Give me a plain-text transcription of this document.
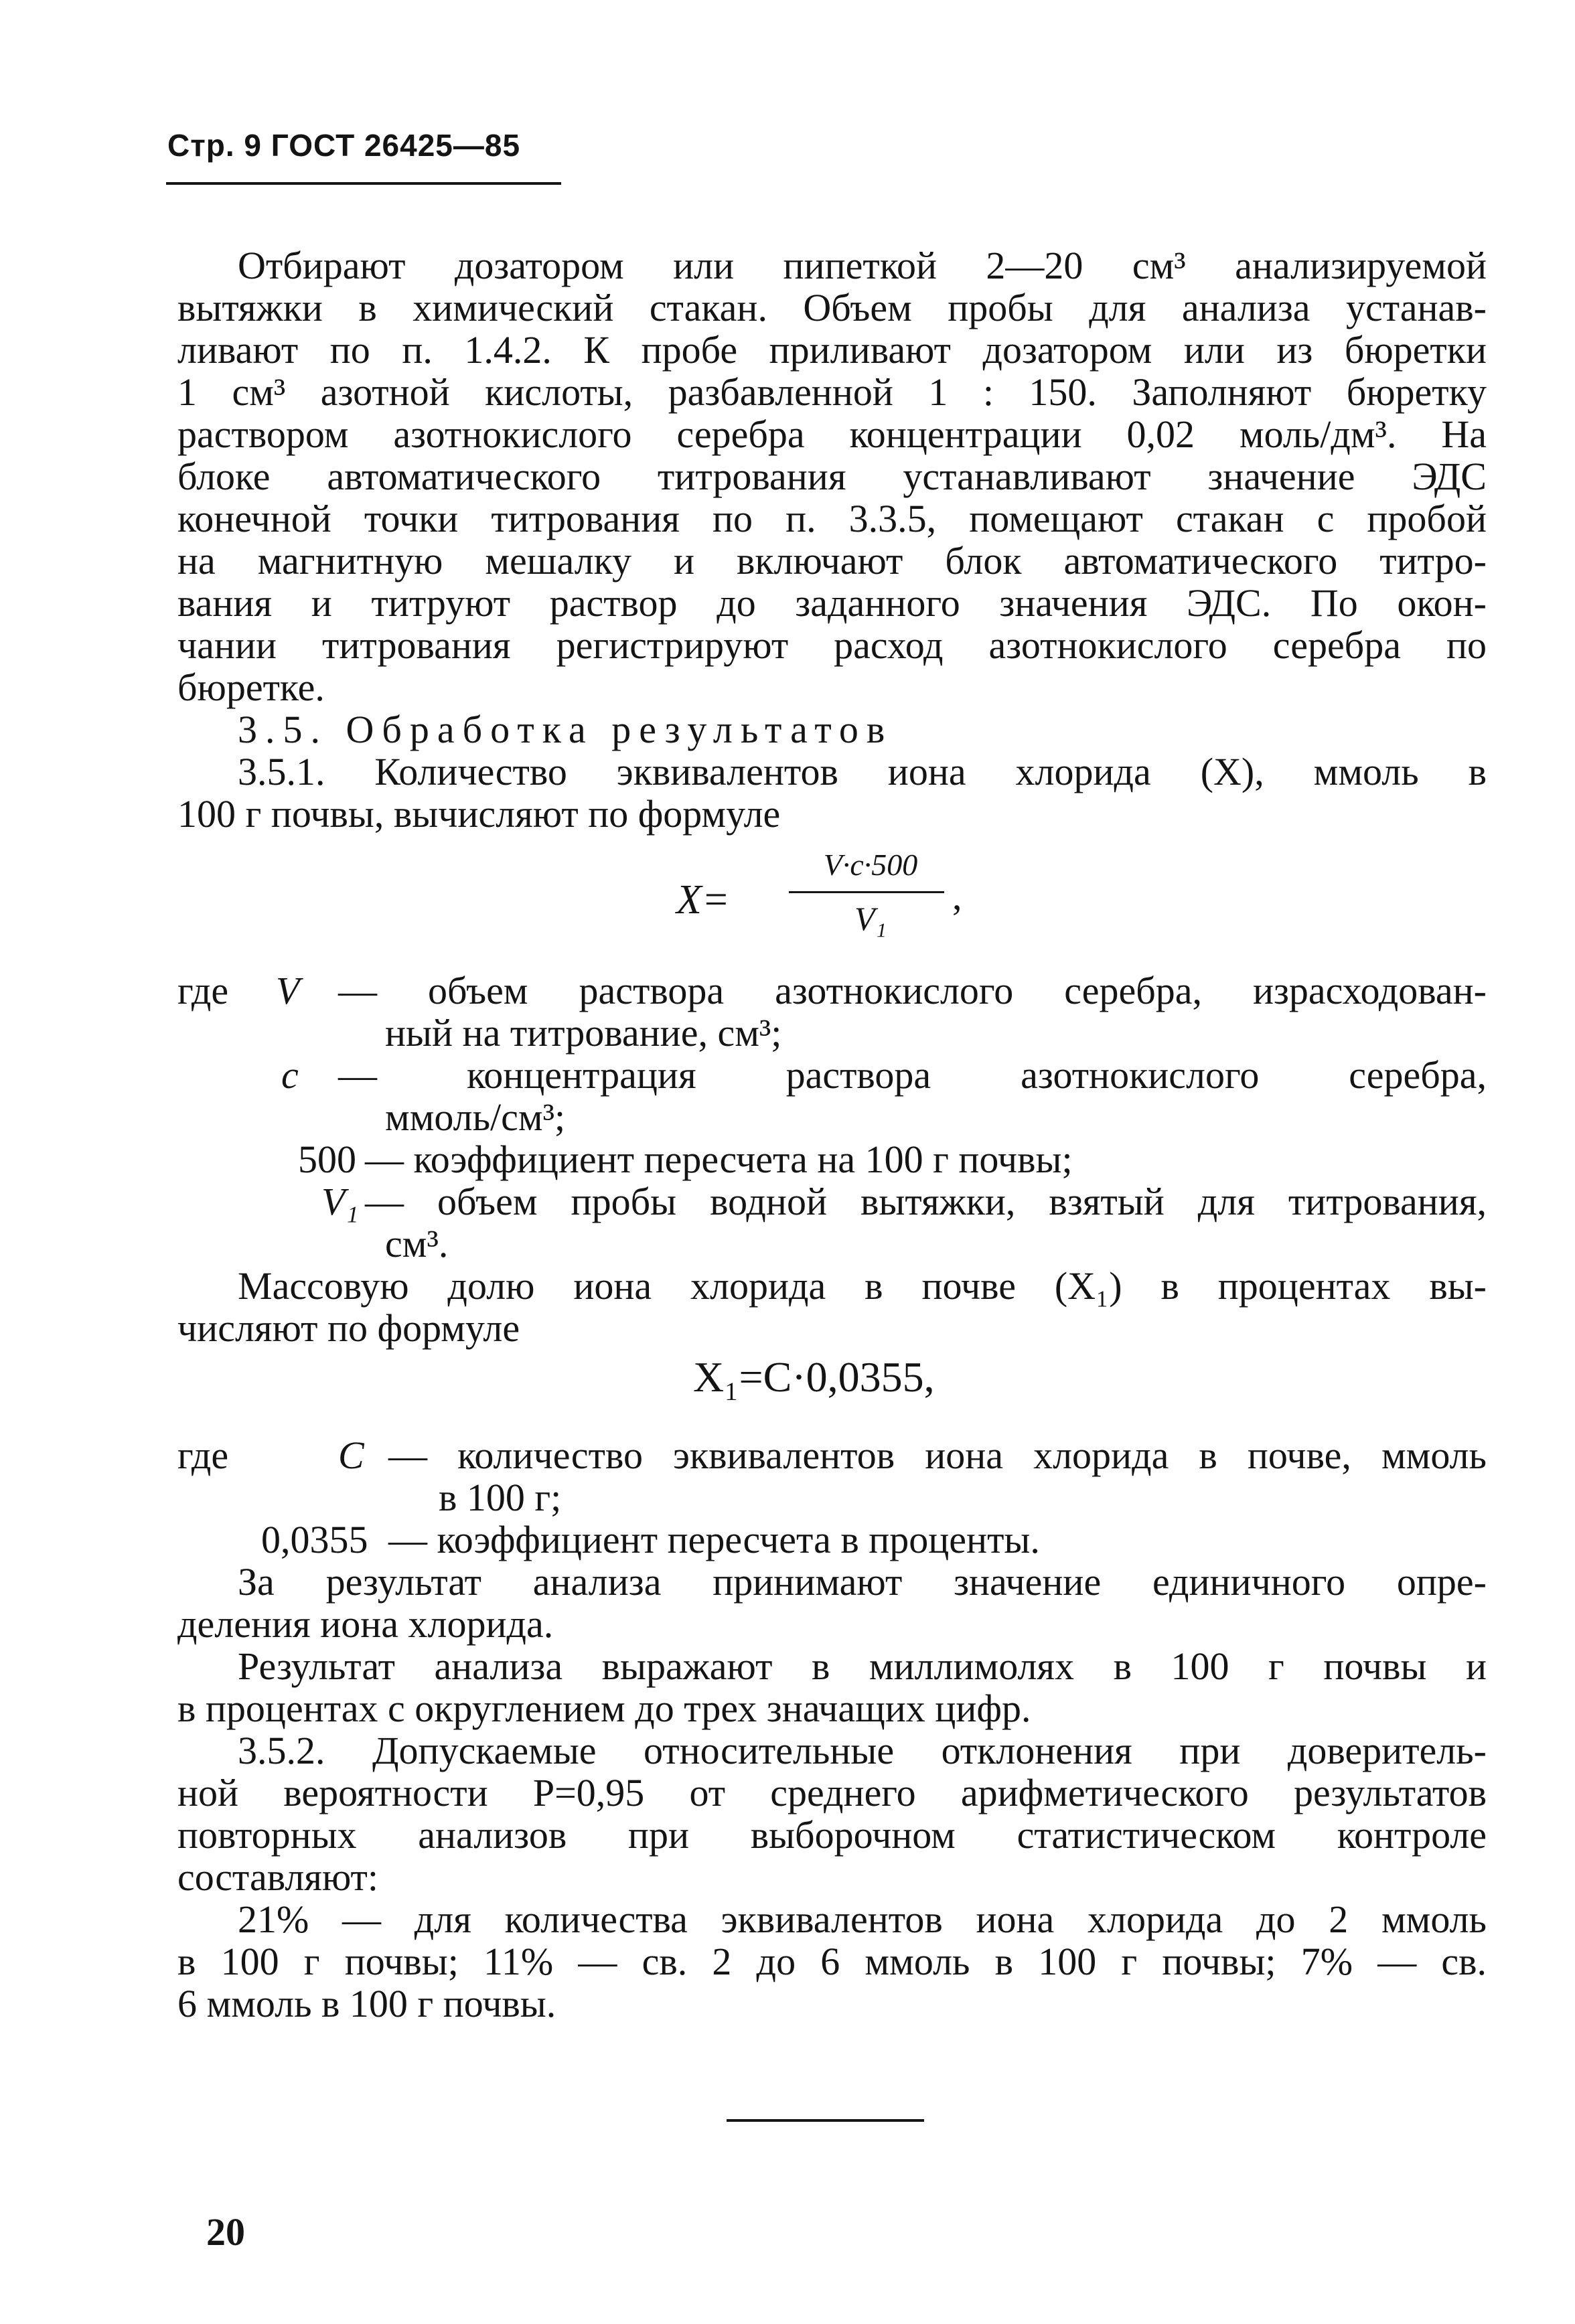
Стр. 9 ГОСТ 26425—85
Отбирают дозатором или пипеткой 2—20 см³ анализируемой
вытяжки в химический стакан. Объем пробы для анализа устанав-
ливают по п. 1.4.2. К пробе приливают дозатором или из бюретки
1 см³ азотной кислоты, разбавленной 1 : 150. Заполняют бюретку
раствором азотнокислого серебра концентрации 0,02 моль/дм³. На
блоке автоматического титрования устанавливают значение ЭДС
конечной точки титрования по п. 3.3.5, помещают стакан с пробой
на магнитную мешалку и включают блок автоматического титро-
вания и титруют раствор до заданного значения ЭДС. По окон-
чании титрования регистрируют расход азотнокислого серебра по
бюретке.
3.5. Обработка результатов
3.5.1. Количество эквивалентов иона хлорида (X), ммоль в
100 г почвы, вычисляют по формуле
X=
V·c·500
V₁
,
где V — объем раствора азотнокислого серебра, израсходован-
ный на титрование, см³;
c — концентрация раствора азотнокислого серебра,
ммоль/см³;
500 — коэффициент пересчета на 100 г почвы;
V₁ — объем пробы водной вытяжки, взятый для титрования,
см³.
Массовую долю иона хлорида в почве (X₁) в процентах вы-
числяют по формуле
X₁=C·0,0355,
где	C — количество эквивалентов иона хлорида в почве, ммоль
в 100 г;
0,0355 — коэффициент пересчета в проценты.
За результат анализа принимают значение единичного опре-
деления иона хлорида.
Результат анализа выражают в миллимолях в 100 г почвы и
в процентах с округлением до трех значащих цифр.
3.5.2. Допускаемые относительные отклонения при доверитель-
ной вероятности P=0,95 от среднего арифметического результатов
повторных анализов при выборочном статистическом контроле
составляют:
21% — для количества эквивалентов иона хлорида до 2 ммоль
в 100 г почвы; 11% — св. 2 до 6 ммоль в 100 г почвы; 7% — св.
6 ммоль в 100 г почвы.
20
